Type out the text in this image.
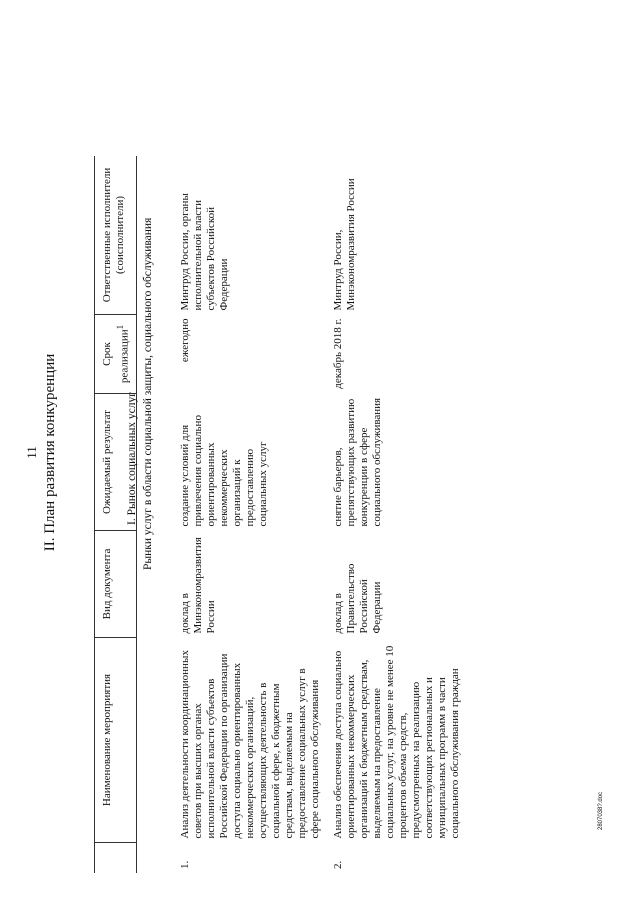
11 II. План развития конкуренции
	Наименование мероприятия	Вид документа	Ожидаемый результат	Срок реализации$^1$	Ответственные исполнители (соисполнители)

1.	Анализ деятельности координационных советов при высших органах исполнительной власти субъектов Российской Федерации по организации доступа социально ориентированных некоммерческих организаций, осуществляющих деятельность в социальной сфере, к бюджетным средствам, выделяемым на предоставление социальных услуг в сфере социального обслуживания	доклад в Минэкономразвития России	создание условий для привлечения социально ориентированных некоммерческих организаций к предоставлению социальных услуг	ежегодно	Минтруд России, органы исполнительной власти субъектов Российской Федерации
2.	Анализ обеспечения доступа социально ориентированных некоммерческих организаций к бюджетным средствам, выделяемым на предоставление социальных услуг, на уровне не менее 10 процентов объема средств, предусмотренных на реализацию соответствующих региональных и муниципальных программ в части социального обслуживания граждан	доклад в Правительство Российской Федерации	снятие барьеров, препятствующих развитию конкуренции в сфере социального обслуживания	декабрь 2018 г.	Минтруд России, Минэкономразвития России
I. Рынок социальных услуг Рынки услуг в области социальной защиты, социального обслуживания
2807038?.doc
